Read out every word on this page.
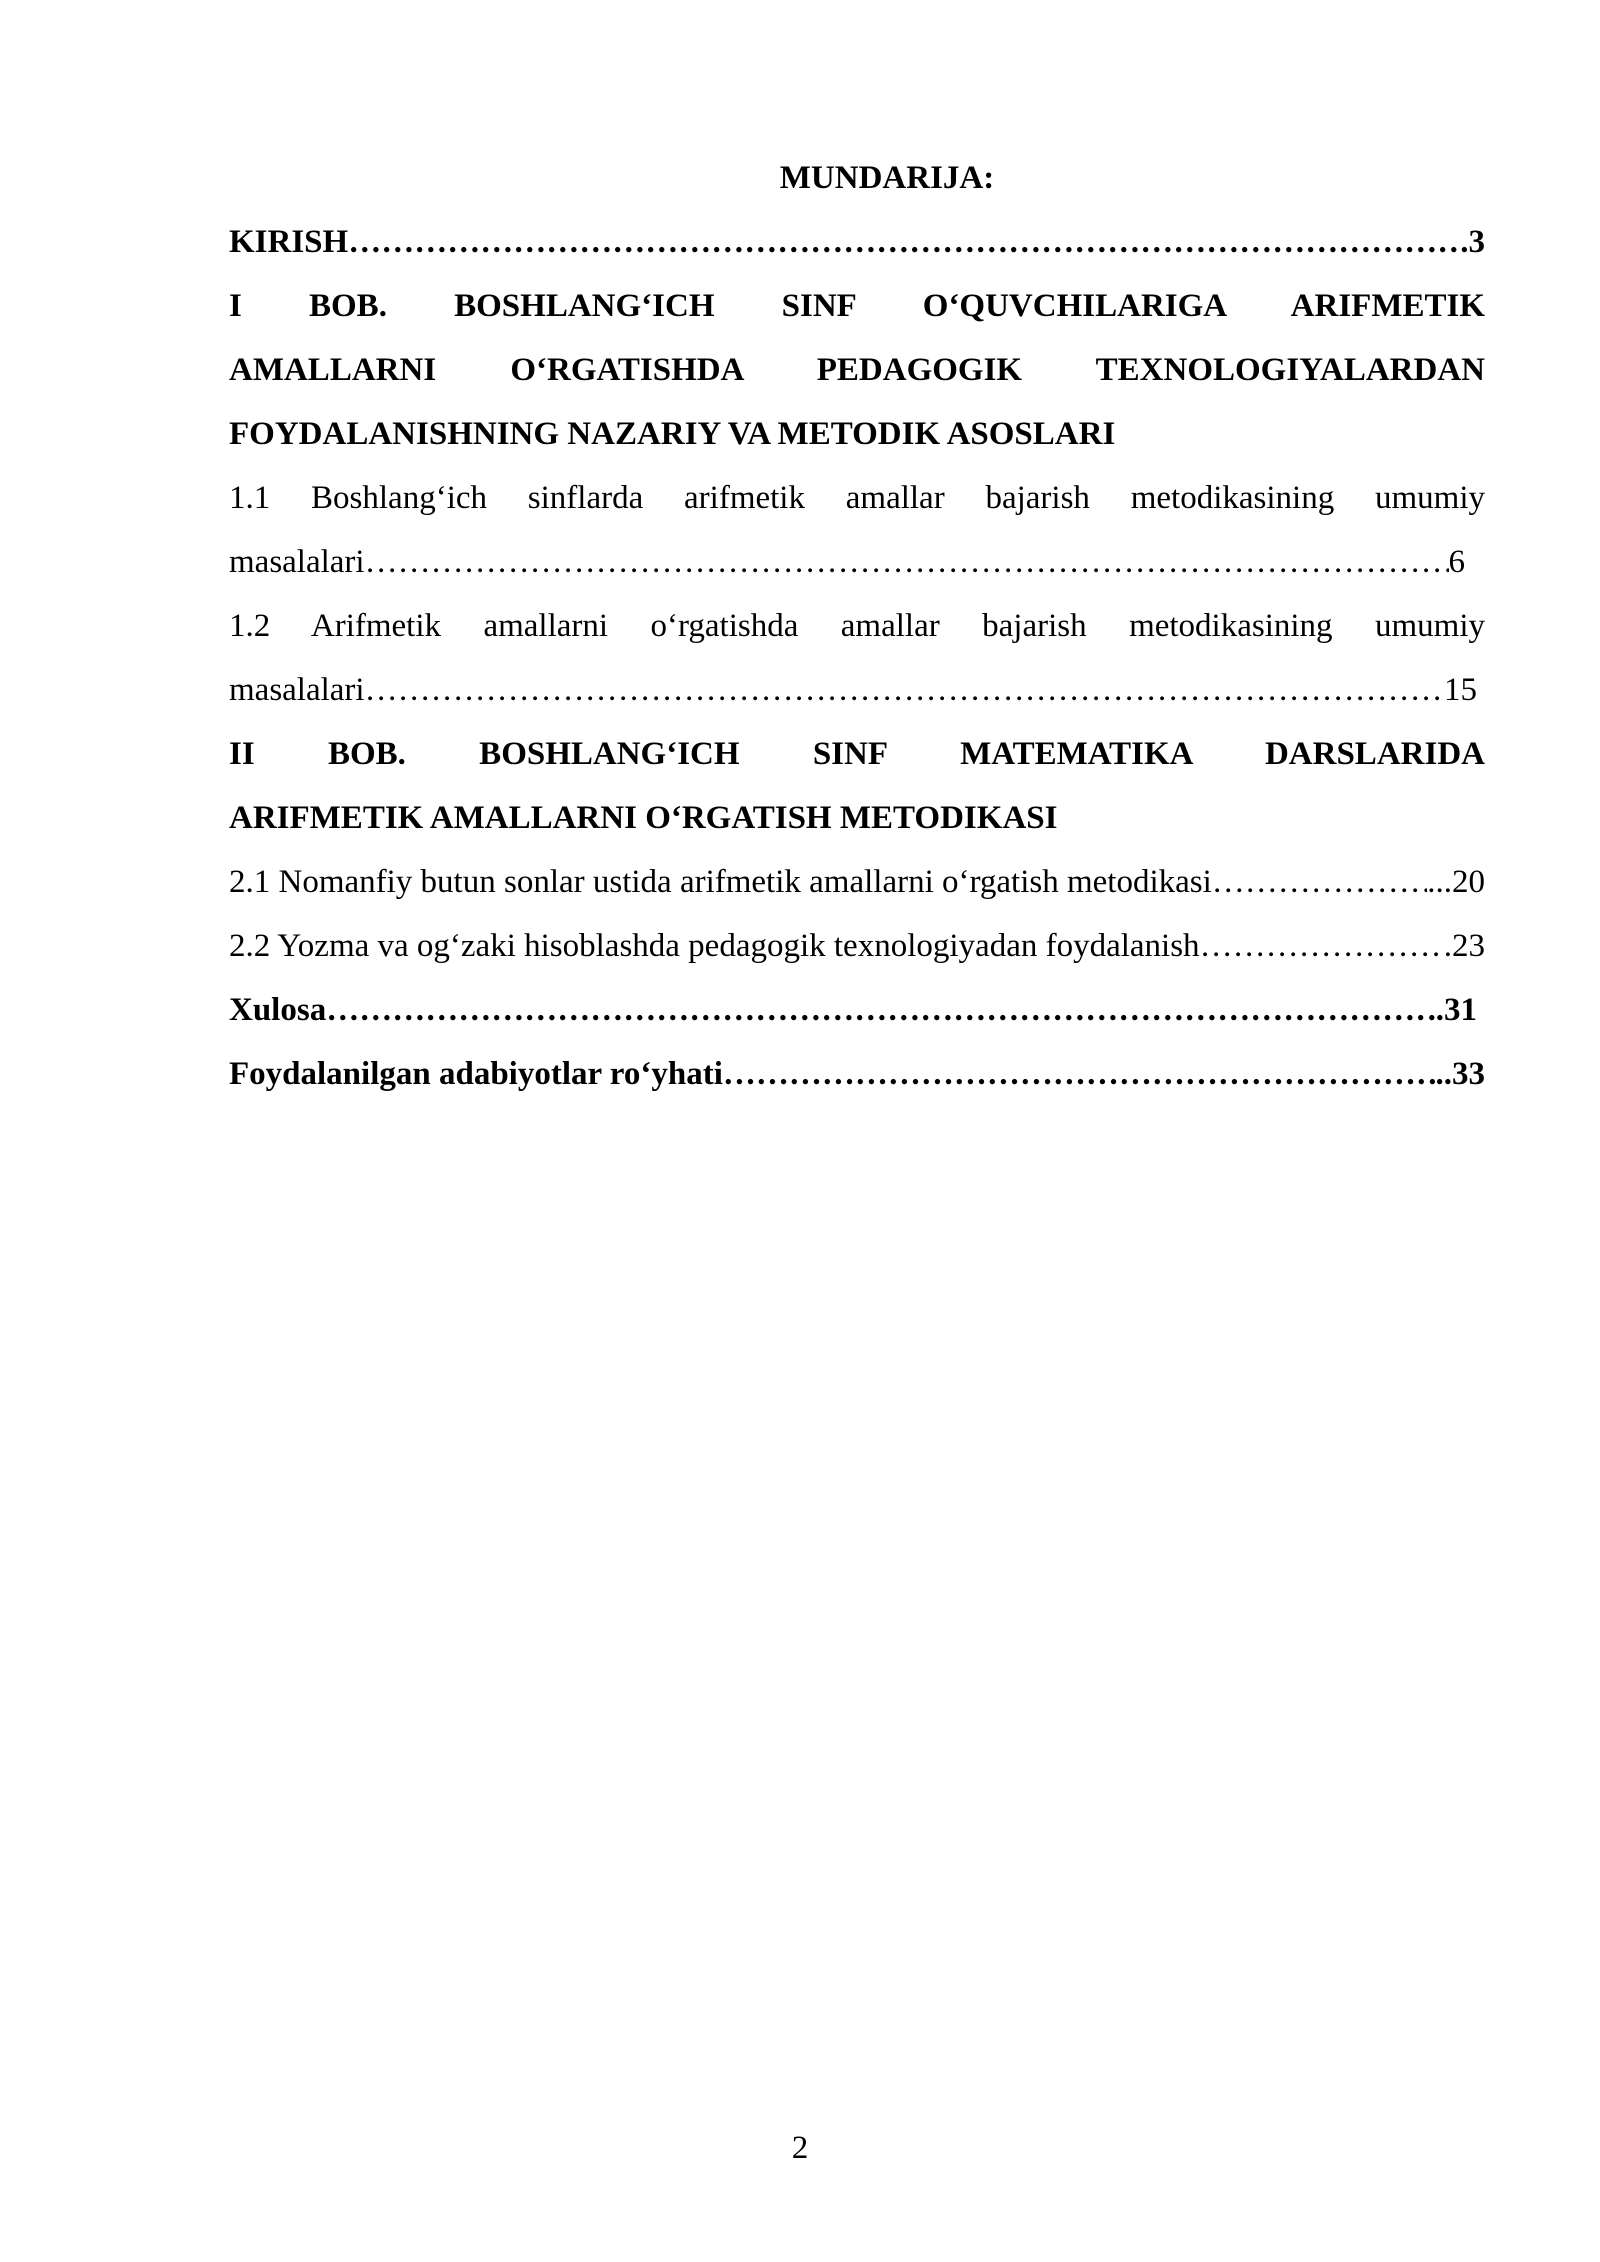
MUNDARIJA:

KIRISH ……………………………………………………………………………………………………………………………………………………………………………………………………	.3

I BOB. BOSHLANG‘ICH SINF O‘QUVCHILARIGA ARIFMETIK

AMALLARNI O‘RGATISHDA PEDAGOGIK TEXNOLOGIYALARDAN

FOYDALANISHNING NAZARIY VA METODIK ASOSLARI

1.1 Boshlang‘ich sinflarda arifmetik amallar bajarish metodikasining umumiy

masalalari ……………………………………………………………………………………………………………………………………………………………………………………………………	6

1.2 Arifmetik amallarni o‘rgatishda amallar bajarish metodikasining umumiy

masalalari ……………………………………………………………………………………………………………………………………………………………………………………………………	15

II BOB. BOSHLANG‘ICH SINF MATEMATIKA DARSLARIDA

ARIFMETIK AMALLARNI O‘RGATISH METODIKASI

2.1 Nomanfiy butun sonlar ustida arifmetik amallarni o‘rgatish metodikasi ……………………………………………………………………………………………………………………………………………………………………………………………………	...20
2.2 Yozma va og‘zaki hisoblashda pedagogik texnologiyadan foydalanish ……………………………………………………………………………………………………………………………………………………………………………………………………	.23
Xulosa ……………………………………………………………………………………………………………………………………………………………………………………………………	.31
Foydalanilgan adabiyotlar ro‘yhati ……………………………………………………………………………………………………………………………………………………………………………………………………	..33
2
